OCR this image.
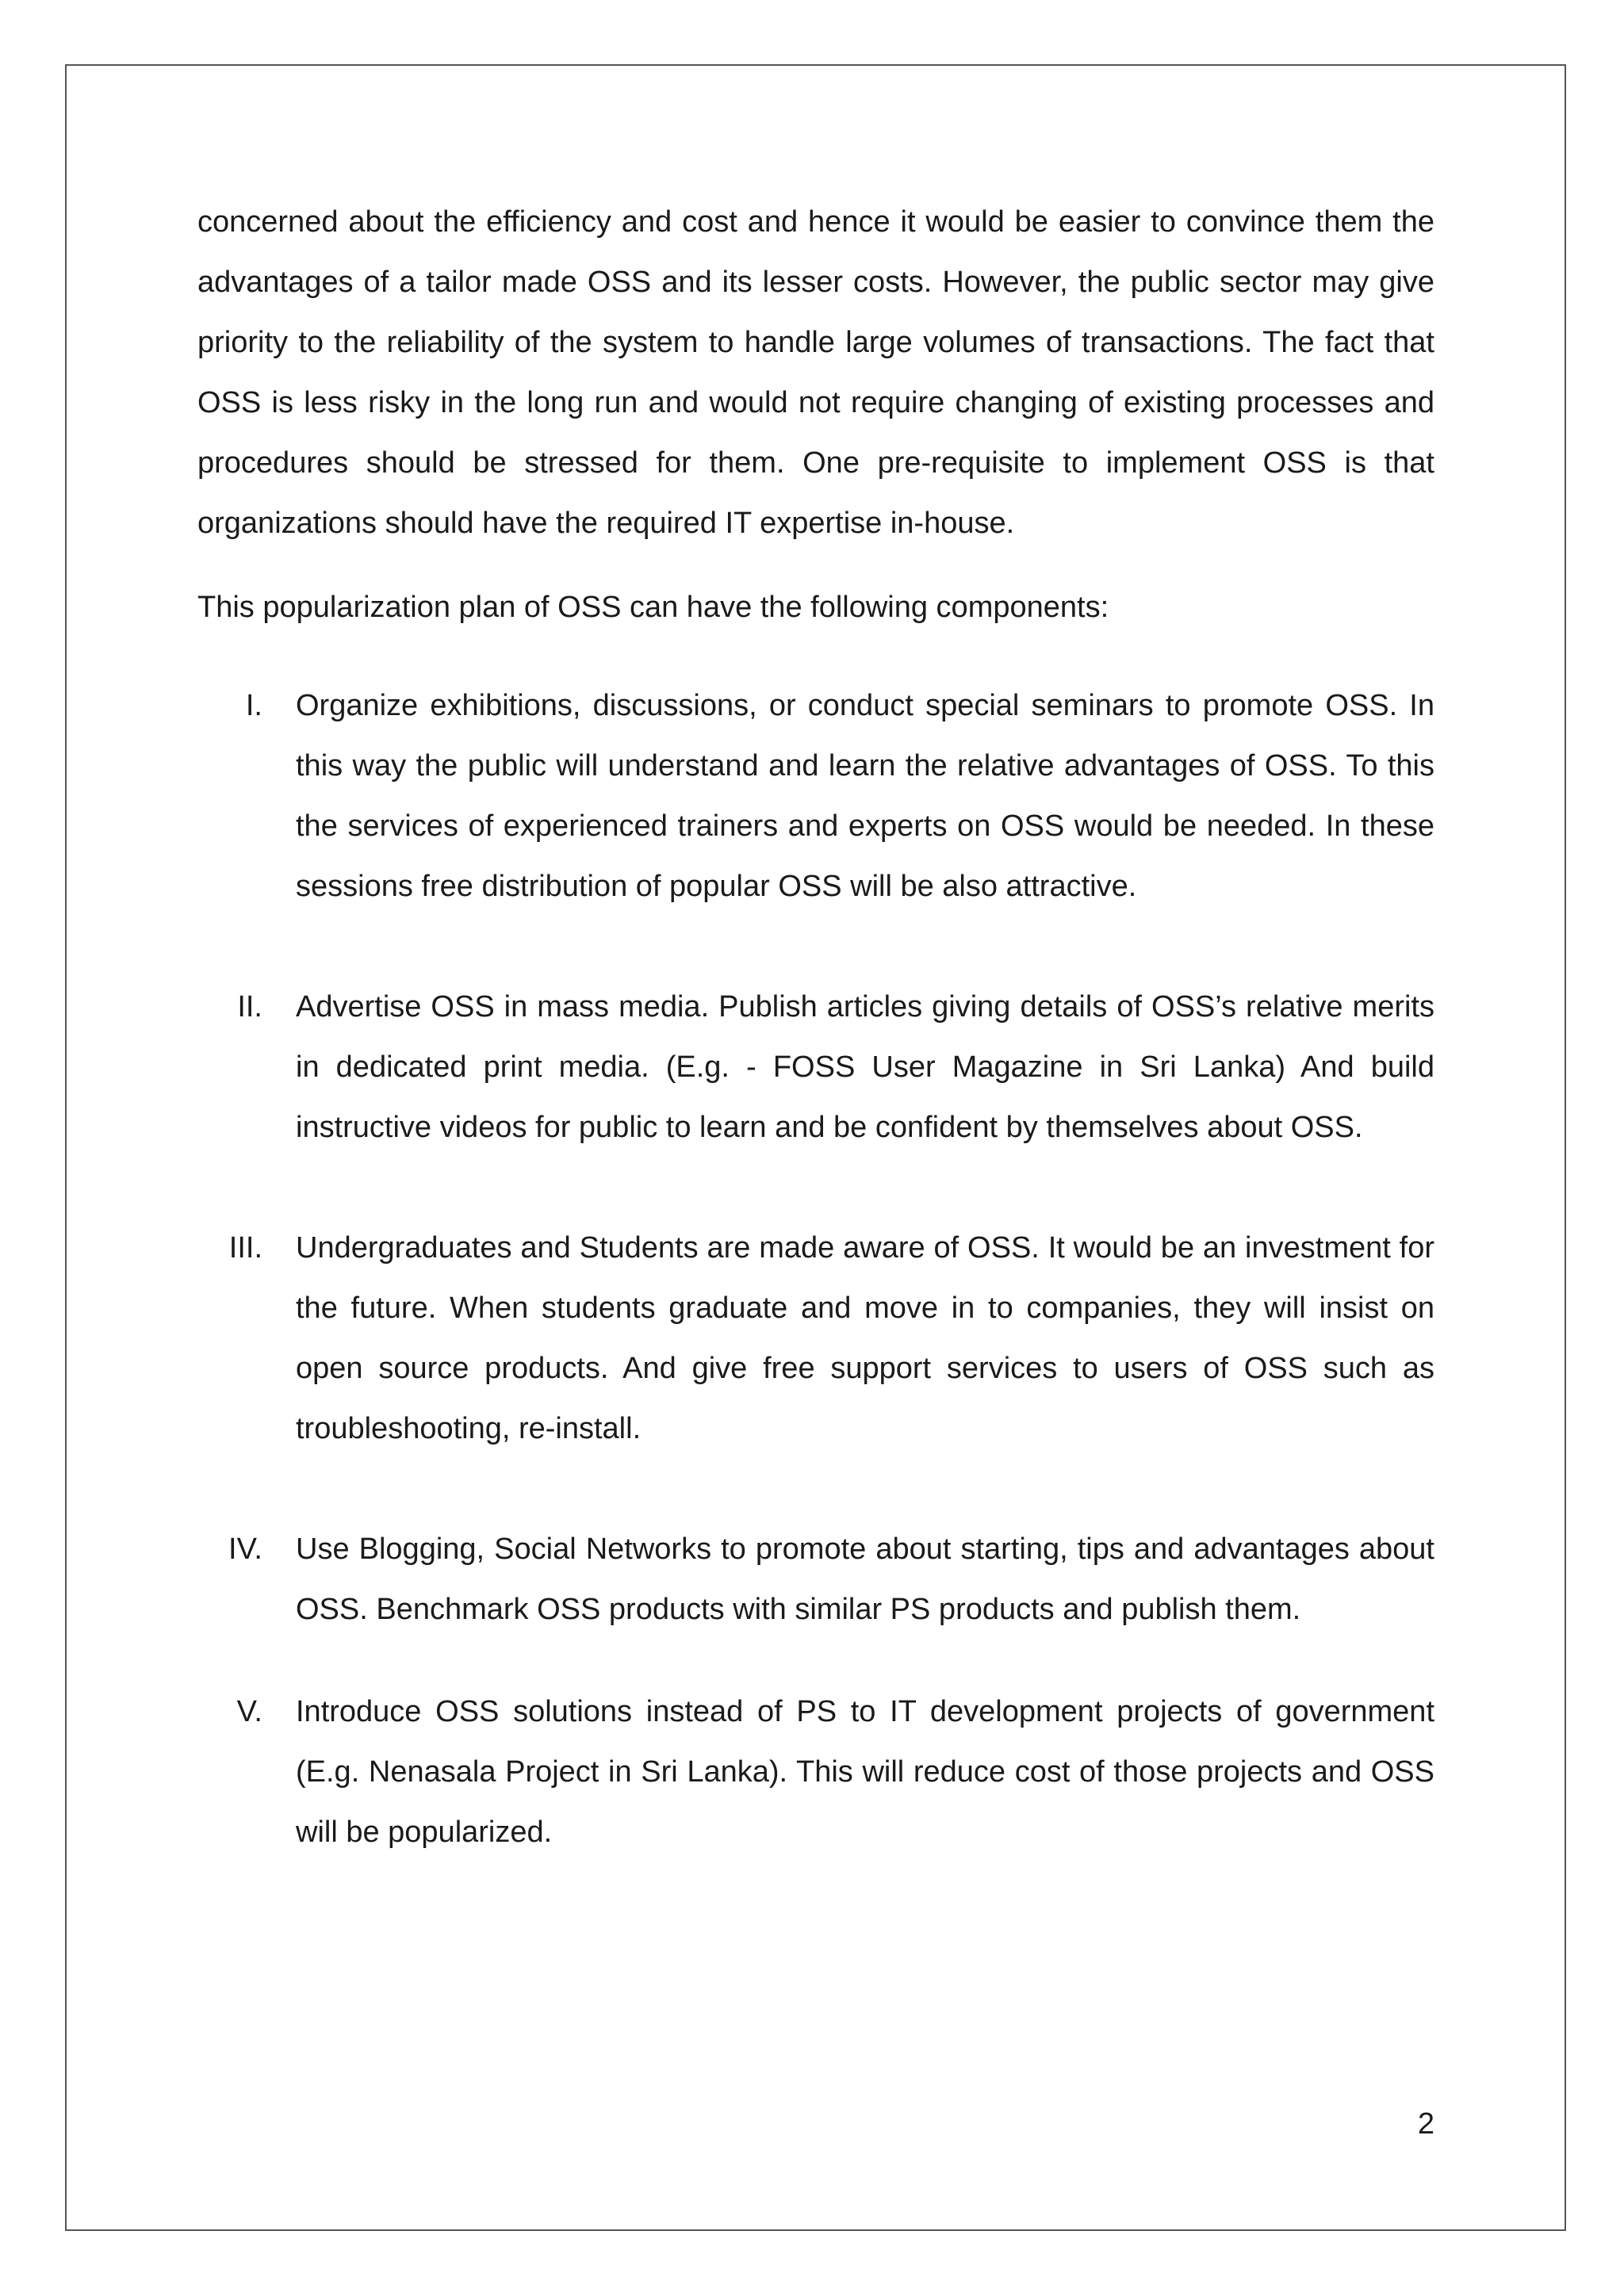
concerned about the efficiency and cost and hence it would be easier to convince them the advantages of a tailor made OSS and its lesser costs. However, the public sector may give priority to the reliability of the system to handle large volumes of transactions. The fact that OSS is less risky in the long run and would not require changing of existing processes and procedures should be stressed for them. One pre-requisite to implement OSS is that organizations should have the required IT expertise in-house.

This popularization plan of OSS can have the following components:

I.	Organize exhibitions, discussions, or conduct special seminars to promote OSS. In this way the public will understand and learn the relative advantages of OSS. To this the services of experienced trainers and experts on OSS would be needed. In these sessions free distribution of popular OSS will be also attractive.
II.	Advertise OSS in mass media. Publish articles giving details of OSS’s relative merits in dedicated print media. (E.g. - FOSS User Magazine in Sri Lanka) And build instructive videos for public to learn and be confident by themselves about OSS.
III.	Undergraduates and Students are made aware of OSS. It would be an investment for the future. When students graduate and move in to companies, they will insist on open source products. And give free support services to users of OSS such as troubleshooting, re-install.
IV.	Use Blogging, Social Networks to promote about starting, tips and advantages about OSS. Benchmark OSS products with similar PS products and publish them.
V.	Introduce OSS solutions instead of PS to IT development projects of government (E.g. Nenasala Project in Sri Lanka). This will reduce cost of those projects and OSS will be popularized.
2
